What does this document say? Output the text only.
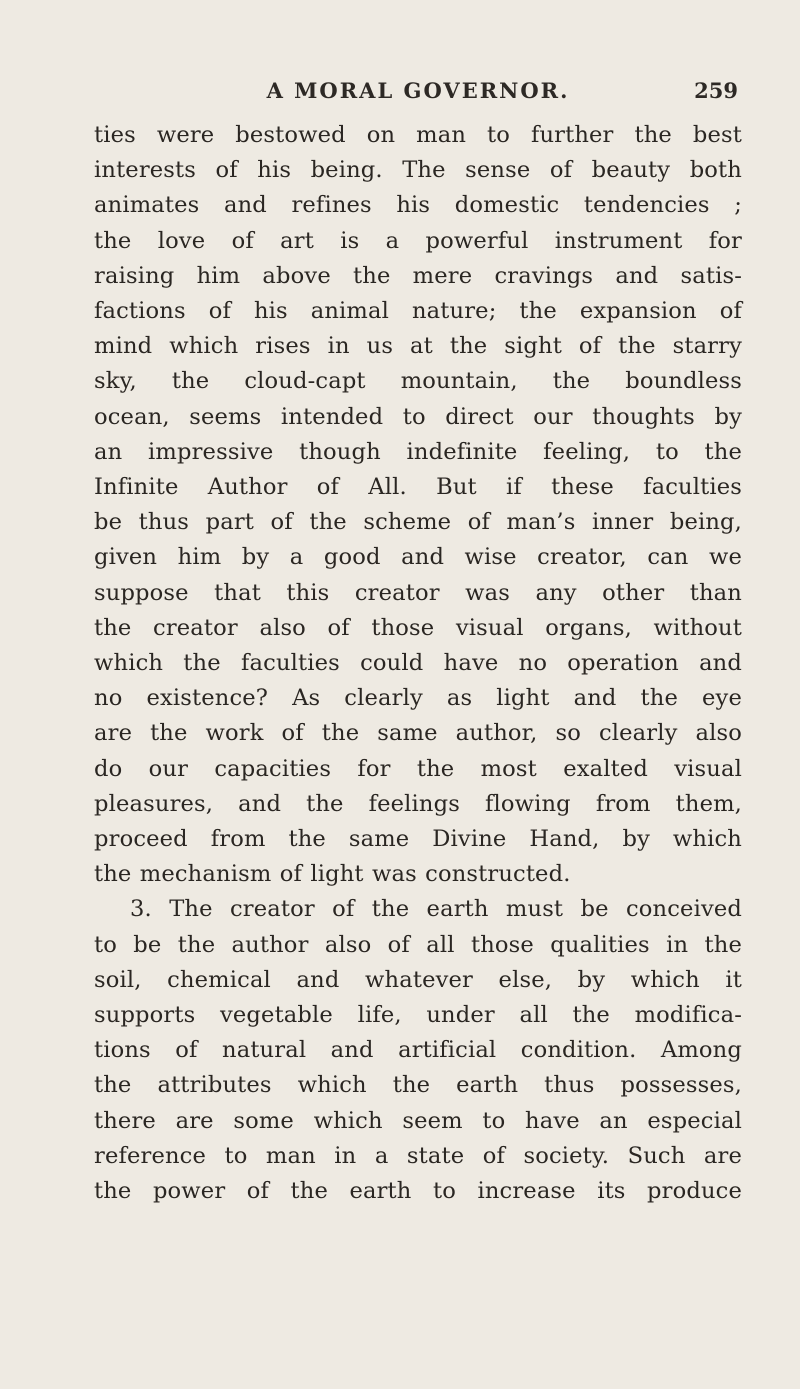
A MORAL GOVERNOR.	259
ties were bestowed on man to further the best
interests of his being. The sense of beauty both
animates and refines his domestic tendencies ;
the love of art is a powerful instrument for
raising him above the mere cravings and satis-
factions of his animal nature; the expansion of
mind which rises in us at the sight of the starry
sky, the cloud-capt mountain, the boundless
ocean, seems intended to direct our thoughts by
an impressive though indefinite feeling, to the
Infinite Author of All. But if these faculties
be thus part of the scheme of man’s inner being,
given him by a good and wise creator, can we
suppose that this creator was any other than
the creator also of those visual organs, without
which the faculties could have no operation and
no existence? As clearly as light and the eye
are the work of the same author, so clearly also
do our capacities for the most exalted visual
pleasures, and the feelings flowing from them,
proceed from the same Divine Hand, by which
the mechanism of light was constructed.
3. The creator of the earth must be conceived
to be the author also of all those qualities in the
soil, chemical and whatever else, by which it
supports vegetable life, under all the modifica-
tions of natural and artificial condition. Among
the attributes which the earth thus possesses,
there are some which seem to have an especial
reference to man in a state of society. Such are
the power of the earth to increase its produce
